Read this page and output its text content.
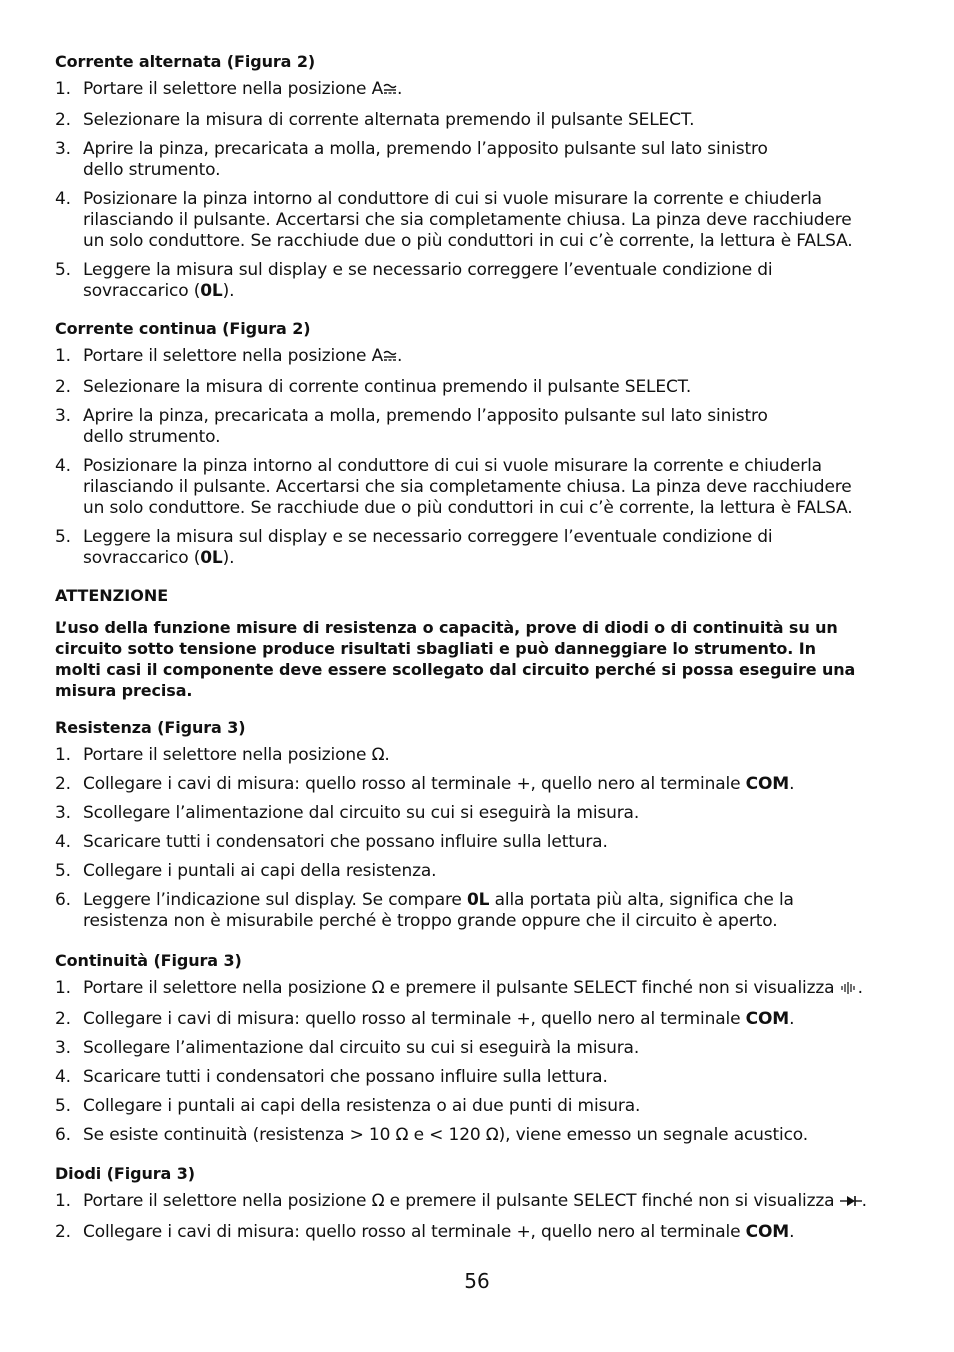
Corrente alternata (Figura 2)

1. Portare il selettore nella posizione A .
2. Selezionare la misura di corrente alternata premendo il pulsante SELECT.
3. Aprire la pinza, precaricata a molla, premendo l’apposito pulsante sul lato sinistro
dello strumento.
4. Posizionare la pinza intorno al conduttore di cui si vuole misurare la corrente e chiuderla
rilasciando il pulsante. Accertarsi che sia completamente chiusa. La pinza deve racchiudere
un solo conduttore. Se racchiude due o più conduttori in cui c’è corrente, la lettura è FALSA.
5. Leggere la misura sul display e se necessario correggere l’eventuale condizione di
sovraccarico (0L).

Corrente continua (Figura 2)

1. Portare il selettore nella posizione A .
2. Selezionare la misura di corrente continua premendo il pulsante SELECT.
3. Aprire la pinza, precaricata a molla, premendo l’apposito pulsante sul lato sinistro
dello strumento.
4. Posizionare la pinza intorno al conduttore di cui si vuole misurare la corrente e chiuderla
rilasciando il pulsante. Accertarsi che sia completamente chiusa. La pinza deve racchiudere
un solo conduttore. Se racchiude due o più conduttori in cui c’è corrente, la lettura è FALSA.
5. Leggere la misura sul display e se necessario correggere l’eventuale condizione di
sovraccarico (0L).

ATTENZIONE

L’uso della funzione misure di resistenza o capacità, prove di diodi o di continuità su un
circuito sotto tensione produce risultati sbagliati e può danneggiare lo strumento. In
molti casi il componente deve essere scollegato dal circuito perché si possa eseguire una
misura precisa.

Resistenza (Figura 3)

1. Portare il selettore nella posizione Ω.
2. Collegare i cavi di misura: quello rosso al terminale +, quello nero al terminale COM.
3. Scollegare l’alimentazione dal circuito su cui si eseguirà la misura.
4. Scaricare tutti i condensatori che possano influire sulla lettura.
5. Collegare i puntali ai capi della resistenza.
6. Leggere l’indicazione sul display. Se compare 0L alla portata più alta, significa che la
resistenza non è misurabile perché è troppo grande oppure che il circuito è aperto.

Continuità (Figura 3)

1. Portare il selettore nella posizione Ω e premere il pulsante SELECT finché non si visualizza .
2. Collegare i cavi di misura: quello rosso al terminale +, quello nero al terminale COM.
3. Scollegare l’alimentazione dal circuito su cui si eseguirà la misura.
4. Scaricare tutti i condensatori che possano influire sulla lettura.
5. Collegare i puntali ai capi della resistenza o ai due punti di misura.
6. Se esiste continuità (resistenza > 10 Ω e < 120 Ω), viene emesso un segnale acustico.

Diodi (Figura 3)

1. Portare il selettore nella posizione Ω e premere il pulsante SELECT finché non si visualizza .
2. Collegare i cavi di misura: quello rosso al terminale +, quello nero al terminale COM.
56
